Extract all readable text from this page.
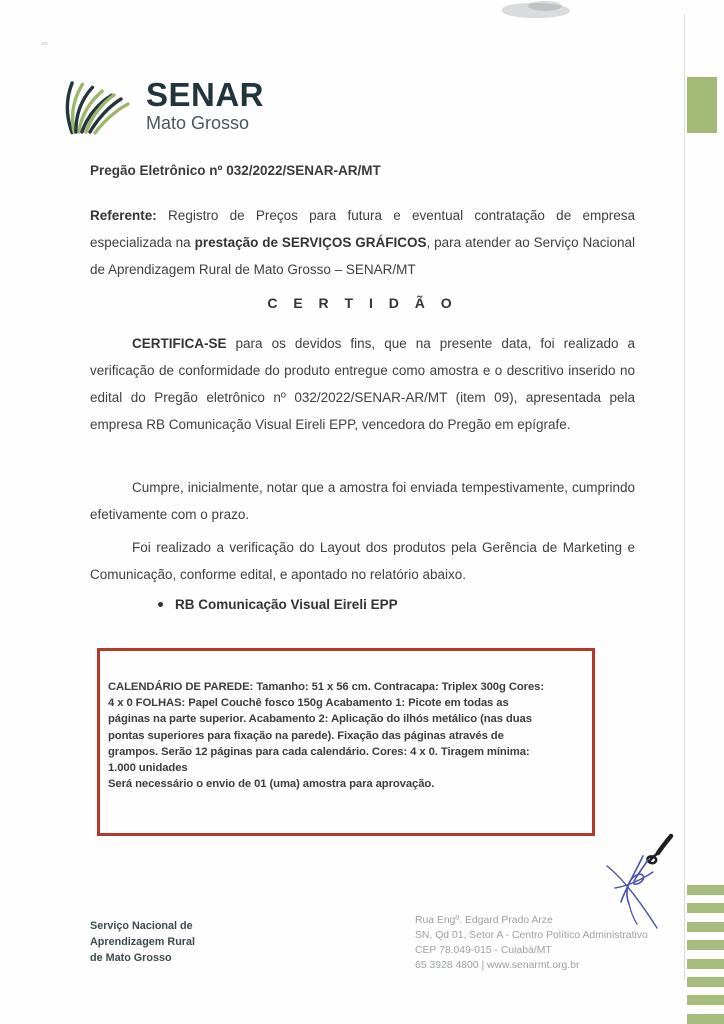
SENAR
Mato Grosso
Pregão Eletrônico nº 032/2022/SENAR-AR/MT
Referente: Registro de Preços para futura e eventual contratação de empresa especializada na prestação de SERVIÇOS GRÁFICOS, para atender ao Serviço Nacional de Aprendizagem Rural de Mato Grosso – SENAR/MT
C E R T I D Ã O
CERTIFICA-SE para os devidos fins, que na presente data, foi realizado a verificação de conformidade do produto entregue como amostra e o descritivo inserido no edital do Pregão eletrônico nº 032/2022/SENAR-AR/MT (item 09), apresentada pela empresa RB Comunicação Visual Eireli EPP, vencedora do Pregão em epígrafe.
Cumpre, inicialmente, notar que a amostra foi enviada tempestivamente, cumprindo efetivamente com o prazo.
Foi realizado a verificação do Layout dos produtos pela Gerência de Marketing e Comunicação, conforme edital, e apontado no relatório abaixo.
RB Comunicação Visual Eireli EPP
CALENDÁRIO DE PAREDE: Tamanho: 51 x 56 cm. Contracapa: Triplex 300g Cores:
4 x 0 FOLHAS: Papel Couchê fosco 150g Acabamento 1: Picote em todas as
páginas na parte superior. Acabamento 2: Aplicação do ilhós metálico (nas duas
pontas superiores para fixação na parede). Fixação das páginas através de
grampos. Serão 12 páginas para cada calendário. Cores: 4 x 0. Tiragem mínima:
1.000 unidades
Será necessário o envio de 01 (uma) amostra para aprovação.
Serviço Nacional de
Aprendizagem Rural
de Mato Grosso
Rua Engº. Edgard Prado Arze
SN, Qd 01, Setor A - Centro Político Administrativo
CEP 78.049-015 - Cuiabá/MT
65 3928 4800 | www.senarmt.org.br
